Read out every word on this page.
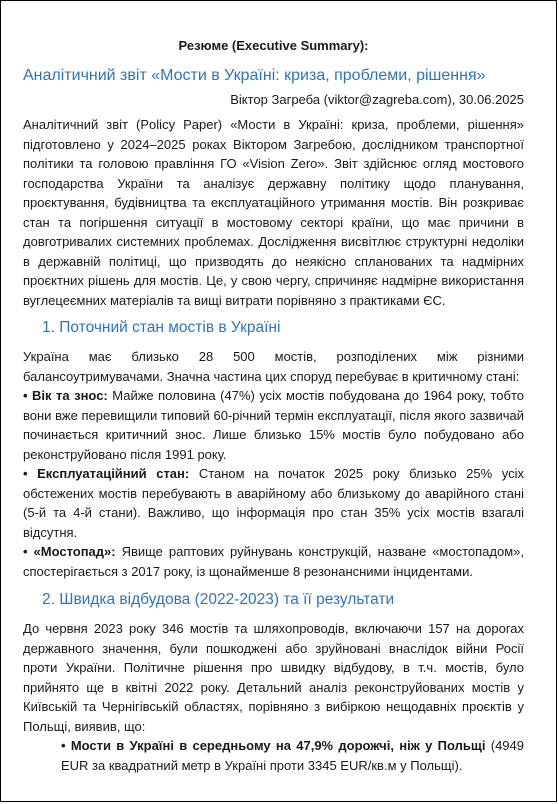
Резюме (Executive Summary):

Аналітичний звіт «Мости в Україні: криза, проблеми, рішення»

Віктор Загреба (viktor@zagreba.com), 30.06.2025

Аналітичний звіт (Policy Paper) «Мости в Україні: криза, проблеми, рішення» підготовлено у 2024–2025 роках Віктором Загребою, дослідником транспортної політики та головою правління ГО «Vision Zero». Звіт здійснює огляд мостового господарства України та аналізує державну політику щодо планування, проєктування, будівництва та експлуатаційного утримання мостів. Він розкриває стан та погіршення ситуації в мостовому секторі країни, що має причини в довготривалих системних проблемах. Дослідження висвітлює структурні недоліки в державній політиці, що призводять до неякісно спланованих та надмірних проєктних рішень для мостів. Це, у свою чергу, спричиняє надмірне використання вуглецеємних матеріалів та вищі витрати порівняно з практиками ЄС.

1. Поточний стан мостів в Україні

Україна має близько 28 500 мостів, розподілених між різними балансоутримувачами. Значна частина цих споруд перебуває в критичному стані:

• Вік та знос: Майже половина (47%) усіх мостів побудована до 1964 року, тобто вони вже перевищили типовий 60-річний термін експлуатації, після якого зазвичай починається критичний знос. Лише близько 15% мостів було побудовано або реконструйовано після 1991 року.

• Експлуатаційний стан: Станом на початок 2025 року близько 25% усіх обстежених мостів перебувають в аварійному або близькому до аварійного стані (5-й та 4-й стани). Важливо, що інформація про стан 35% усіх мостів взагалі відсутня.

• «Мостопад»: Явище раптових руйнувань конструкцій, назване «мостопадом», спостерігається з 2017 року, із щонайменше 8 резонансними інцидентами.

2. Швидка відбудова (2022-2023) та її результати

До червня 2023 року 346 мостів та шляхопроводів, включаючи 157 на дорогах державного значення, були пошкоджені або зруйновані внаслідок війни Росії проти України. Політичне рішення про швидку відбудову, в т.ч. мостів, було прийнято ще в квітні 2022 року. Детальний аналіз реконструйованих мостів у Київській та Чернігівській областях, порівняно з вибіркою нещодавніх проєктів у Польщі, виявив, що:

• Мости в Україні в середньому на 47,9% дорожчі, ніж у Польщі (4949 EUR за квадратний метр в Україні проти 3345 EUR/кв.м у Польщі).
